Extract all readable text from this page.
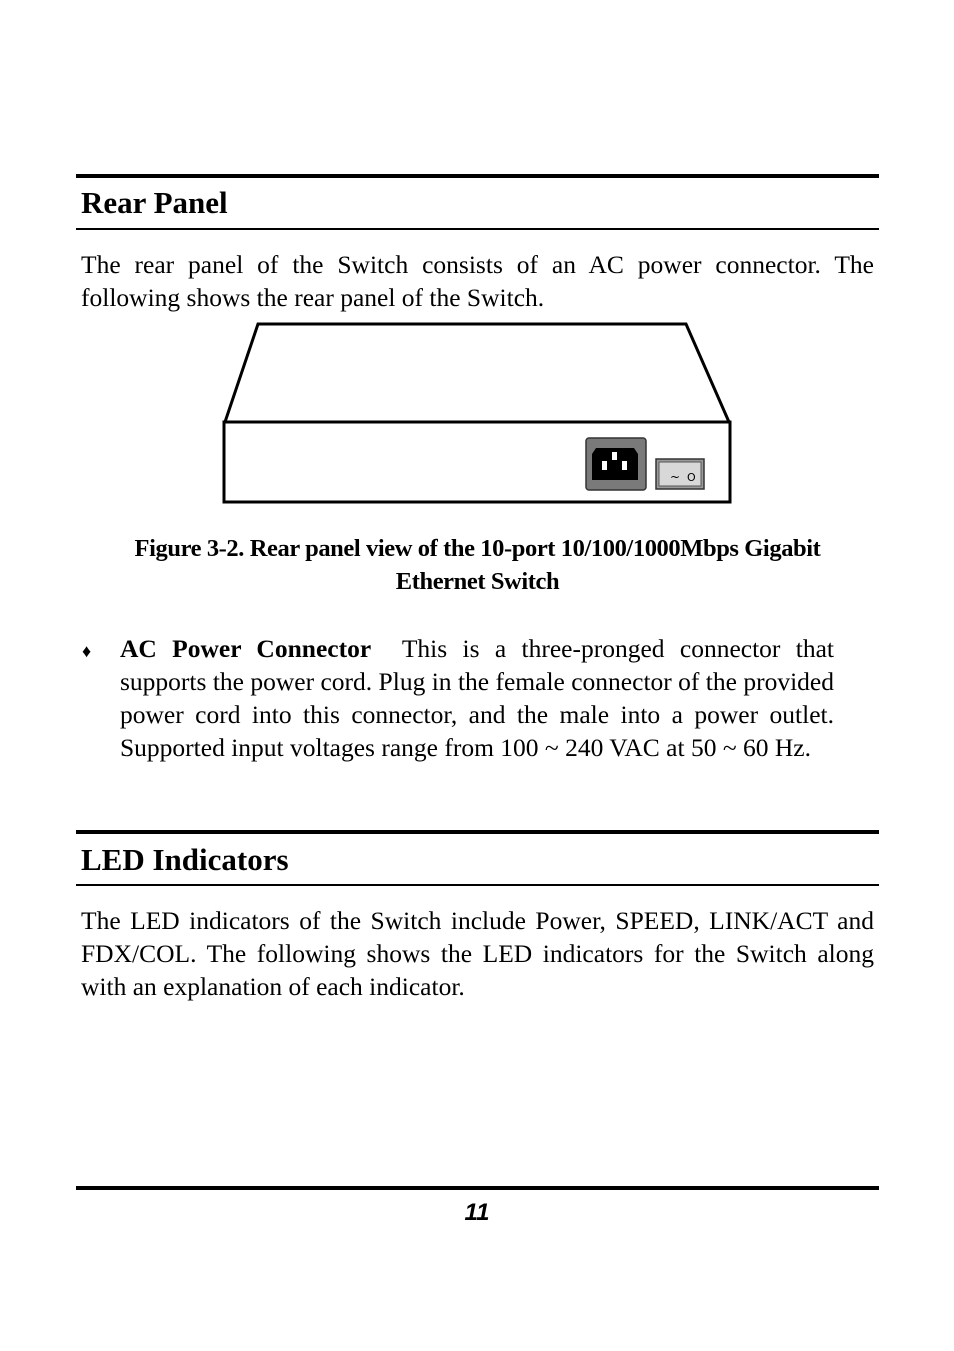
Rear Panel

The rear panel of the Switch consists of an AC power connector. The following shows the rear panel of the Switch.

~ O

Figure 3-2. Rear panel view of the 10-port 10/100/1000Mbps Gigabit

Ethernet Switch

♦ AC Power Connector This is a three-pronged connector that supports the power cord. Plug in the female connector of the provided power cord into this connector, and the male into a power outlet. Supported input voltages range from 100 ~ 240 VAC at 50 ~ 60 Hz.

LED Indicators

The LED indicators of the Switch include Power, SPEED, LINK/ACT and FDX/COL. The following shows the LED indicators for the Switch along with an explanation of each indicator.

11
